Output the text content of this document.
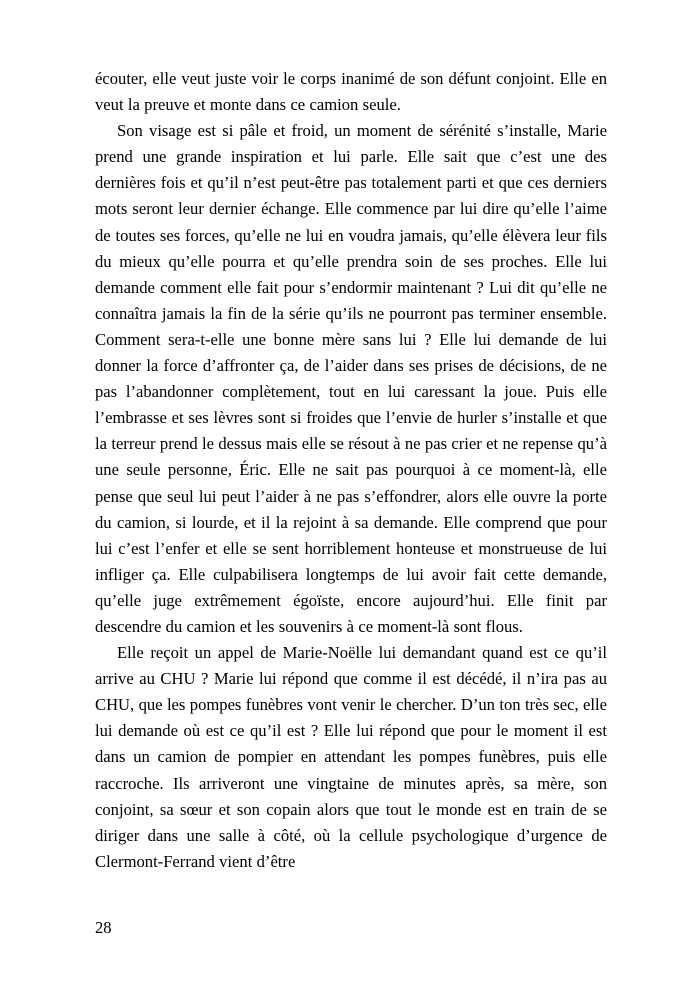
écouter, elle veut juste voir le corps inanimé de son défunt conjoint. Elle en veut la preuve et monte dans ce camion seule.

Son visage est si pâle et froid, un moment de sérénité s’installe, Marie prend une grande inspiration et lui parle. Elle sait que c’est une des dernières fois et qu’il n’est peut-être pas totalement parti et que ces derniers mots seront leur dernier échange. Elle commence par lui dire qu’elle l’aime de toutes ses forces, qu’elle ne lui en voudra jamais, qu’elle élèvera leur fils du mieux qu’elle pourra et qu’elle prendra soin de ses proches. Elle lui demande comment elle fait pour s’endormir maintenant ? Lui dit qu’elle ne connaîtra jamais la fin de la série qu’ils ne pourront pas terminer ensemble. Comment sera-t-elle une bonne mère sans lui ? Elle lui demande de lui donner la force d’affronter ça, de l’aider dans ses prises de décisions, de ne pas l’abandonner complètement, tout en lui caressant la joue. Puis elle l’embrasse et ses lèvres sont si froides que l’envie de hurler s’installe et que la terreur prend le dessus mais elle se résout à ne pas crier et ne repense qu’à une seule personne, Éric. Elle ne sait pas pourquoi à ce moment-là, elle pense que seul lui peut l’aider à ne pas s’effondrer, alors elle ouvre la porte du camion, si lourde, et il la rejoint à sa demande. Elle comprend que pour lui c’est l’enfer et elle se sent horriblement honteuse et monstrueuse de lui infliger ça. Elle culpabilisera longtemps de lui avoir fait cette demande, qu’elle juge extrêmement égoïste, encore aujourd’hui. Elle finit par descendre du camion et les souvenirs à ce moment-là sont flous.

Elle reçoit un appel de Marie-Noëlle lui demandant quand est ce qu’il arrive au CHU ? Marie lui répond que comme il est décédé, il n’ira pas au CHU, que les pompes funèbres vont venir le chercher. D’un ton très sec, elle lui demande où est ce qu’il est ? Elle lui répond que pour le moment il est dans un camion de pompier en attendant les pompes funèbres, puis elle raccroche. Ils arriveront une vingtaine de minutes après, sa mère, son conjoint, sa sœur et son copain alors que tout le monde est en train de se diriger dans une salle à côté, où la cellule psychologique d’urgence de Clermont-Ferrand vient d’être

28
